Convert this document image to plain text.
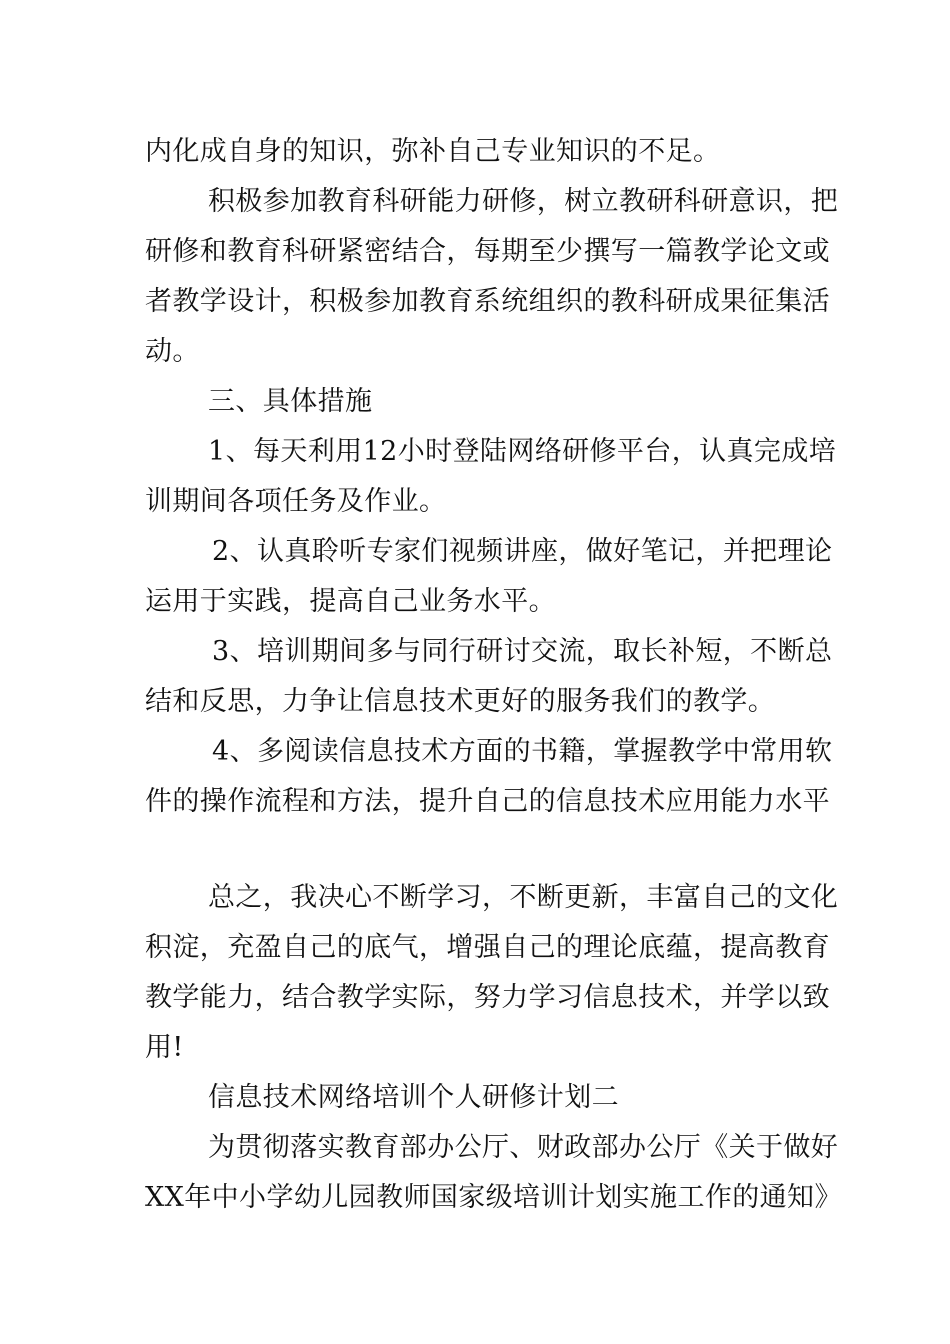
内化成自身的知识，弥补自己专业知识的不足。
积极参加教育科研能力研修，树立教研科研意识，把
研修和教育科研紧密结合，每期至少撰写一篇教学论文或
者教学设计，积极参加教育系统组织的教科研成果征集活
动。
三、具体措施
1、每天利用12小时登陆网络研修平台，认真完成培
训期间各项任务及作业。
2、认真聆听专家们视频讲座，做好笔记，并把理论
运用于实践，提高自己业务水平。
3、培训期间多与同行研讨交流，取长补短，不断总
结和反思，力争让信息技术更好的服务我们的教学。
4、多阅读信息技术方面的书籍，掌握教学中常用软
件的操作流程和方法，提升自己的信息技术应用能力水平
总之，我决心不断学习，不断更新，丰富自己的文化
积淀，充盈自己的底气，增强自己的理论底蕴，提高教育
教学能力，结合教学实际，努力学习信息技术，并学以致
用!
信息技术网络培训个人研修计划二
为贯彻落实教育部办公厅、财政部办公厅《关于做好
XX年中小学幼儿园教师国家级培训计划实施工作的通知》
